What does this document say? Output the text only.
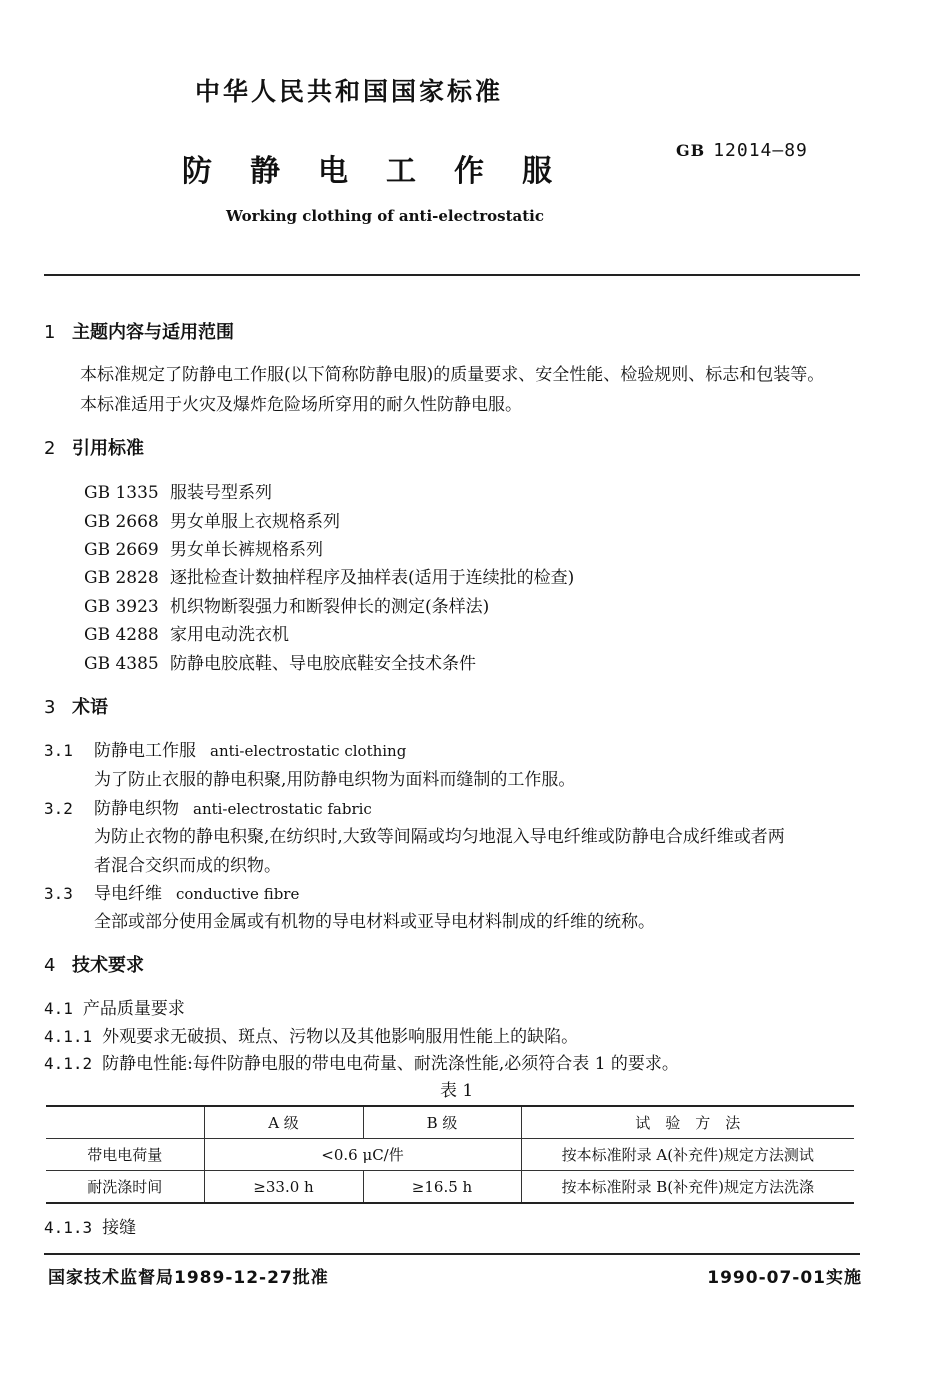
中华人民共和国国家标准
GB 12014—89
防静电工作服
Working clothing of anti-electrostatic
1 主题内容与适用范围
本标准规定了防静电工作服(以下简称防静电服)的质量要求、安全性能、检验规则、标志和包装等。
本标准适用于火灾及爆炸危险场所穿用的耐久性防静电服。
2 引用标准
GB 1335 服装号型系列
GB 2668 男女单服上衣规格系列
GB 2669 男女单长裤规格系列
GB 2828 逐批检查计数抽样程序及抽样表(适用于连续批的检查)
GB 3923 机织物断裂强力和断裂伸长的测定(条样法)
GB 4288 家用电动洗衣机
GB 4385 防静电胶底鞋、导电胶底鞋安全技术条件
3 术语
3.1 防静电工作服 anti-electrostatic clothing
为了防止衣服的静电积聚,用防静电织物为面料而缝制的工作服。
3.2 防静电织物 anti-electrostatic fabric
为防止衣物的静电积聚,在纺织时,大致等间隔或均匀地混入导电纤维或防静电合成纤维或者两
者混合交织而成的织物。
3.3 导电纤维 conductive fibre
全部或部分使用金属或有机物的导电材料或亚导电材料制成的纤维的统称。
4 技术要求
4.1 产品质量要求
4.1.1 外观要求无破损、斑点、污物以及其他影响服用性能上的缺陷。
4.1.2 防静电性能:每件防静电服的带电电荷量、耐洗涤性能,必须符合表 1 的要求。
表 1
	A 级	B 级	试　验　方　法
带电电荷量	<0.6 μC/件		按本标准附录 A(补充件)规定方法测试
耐洗涤时间	≥33.0 h	≥16.5 h	按本标准附录 B(补充件)规定方法洗涤
4.1.3 接缝
国家技术监督局1989-12-27批准	1990-07-01实施
